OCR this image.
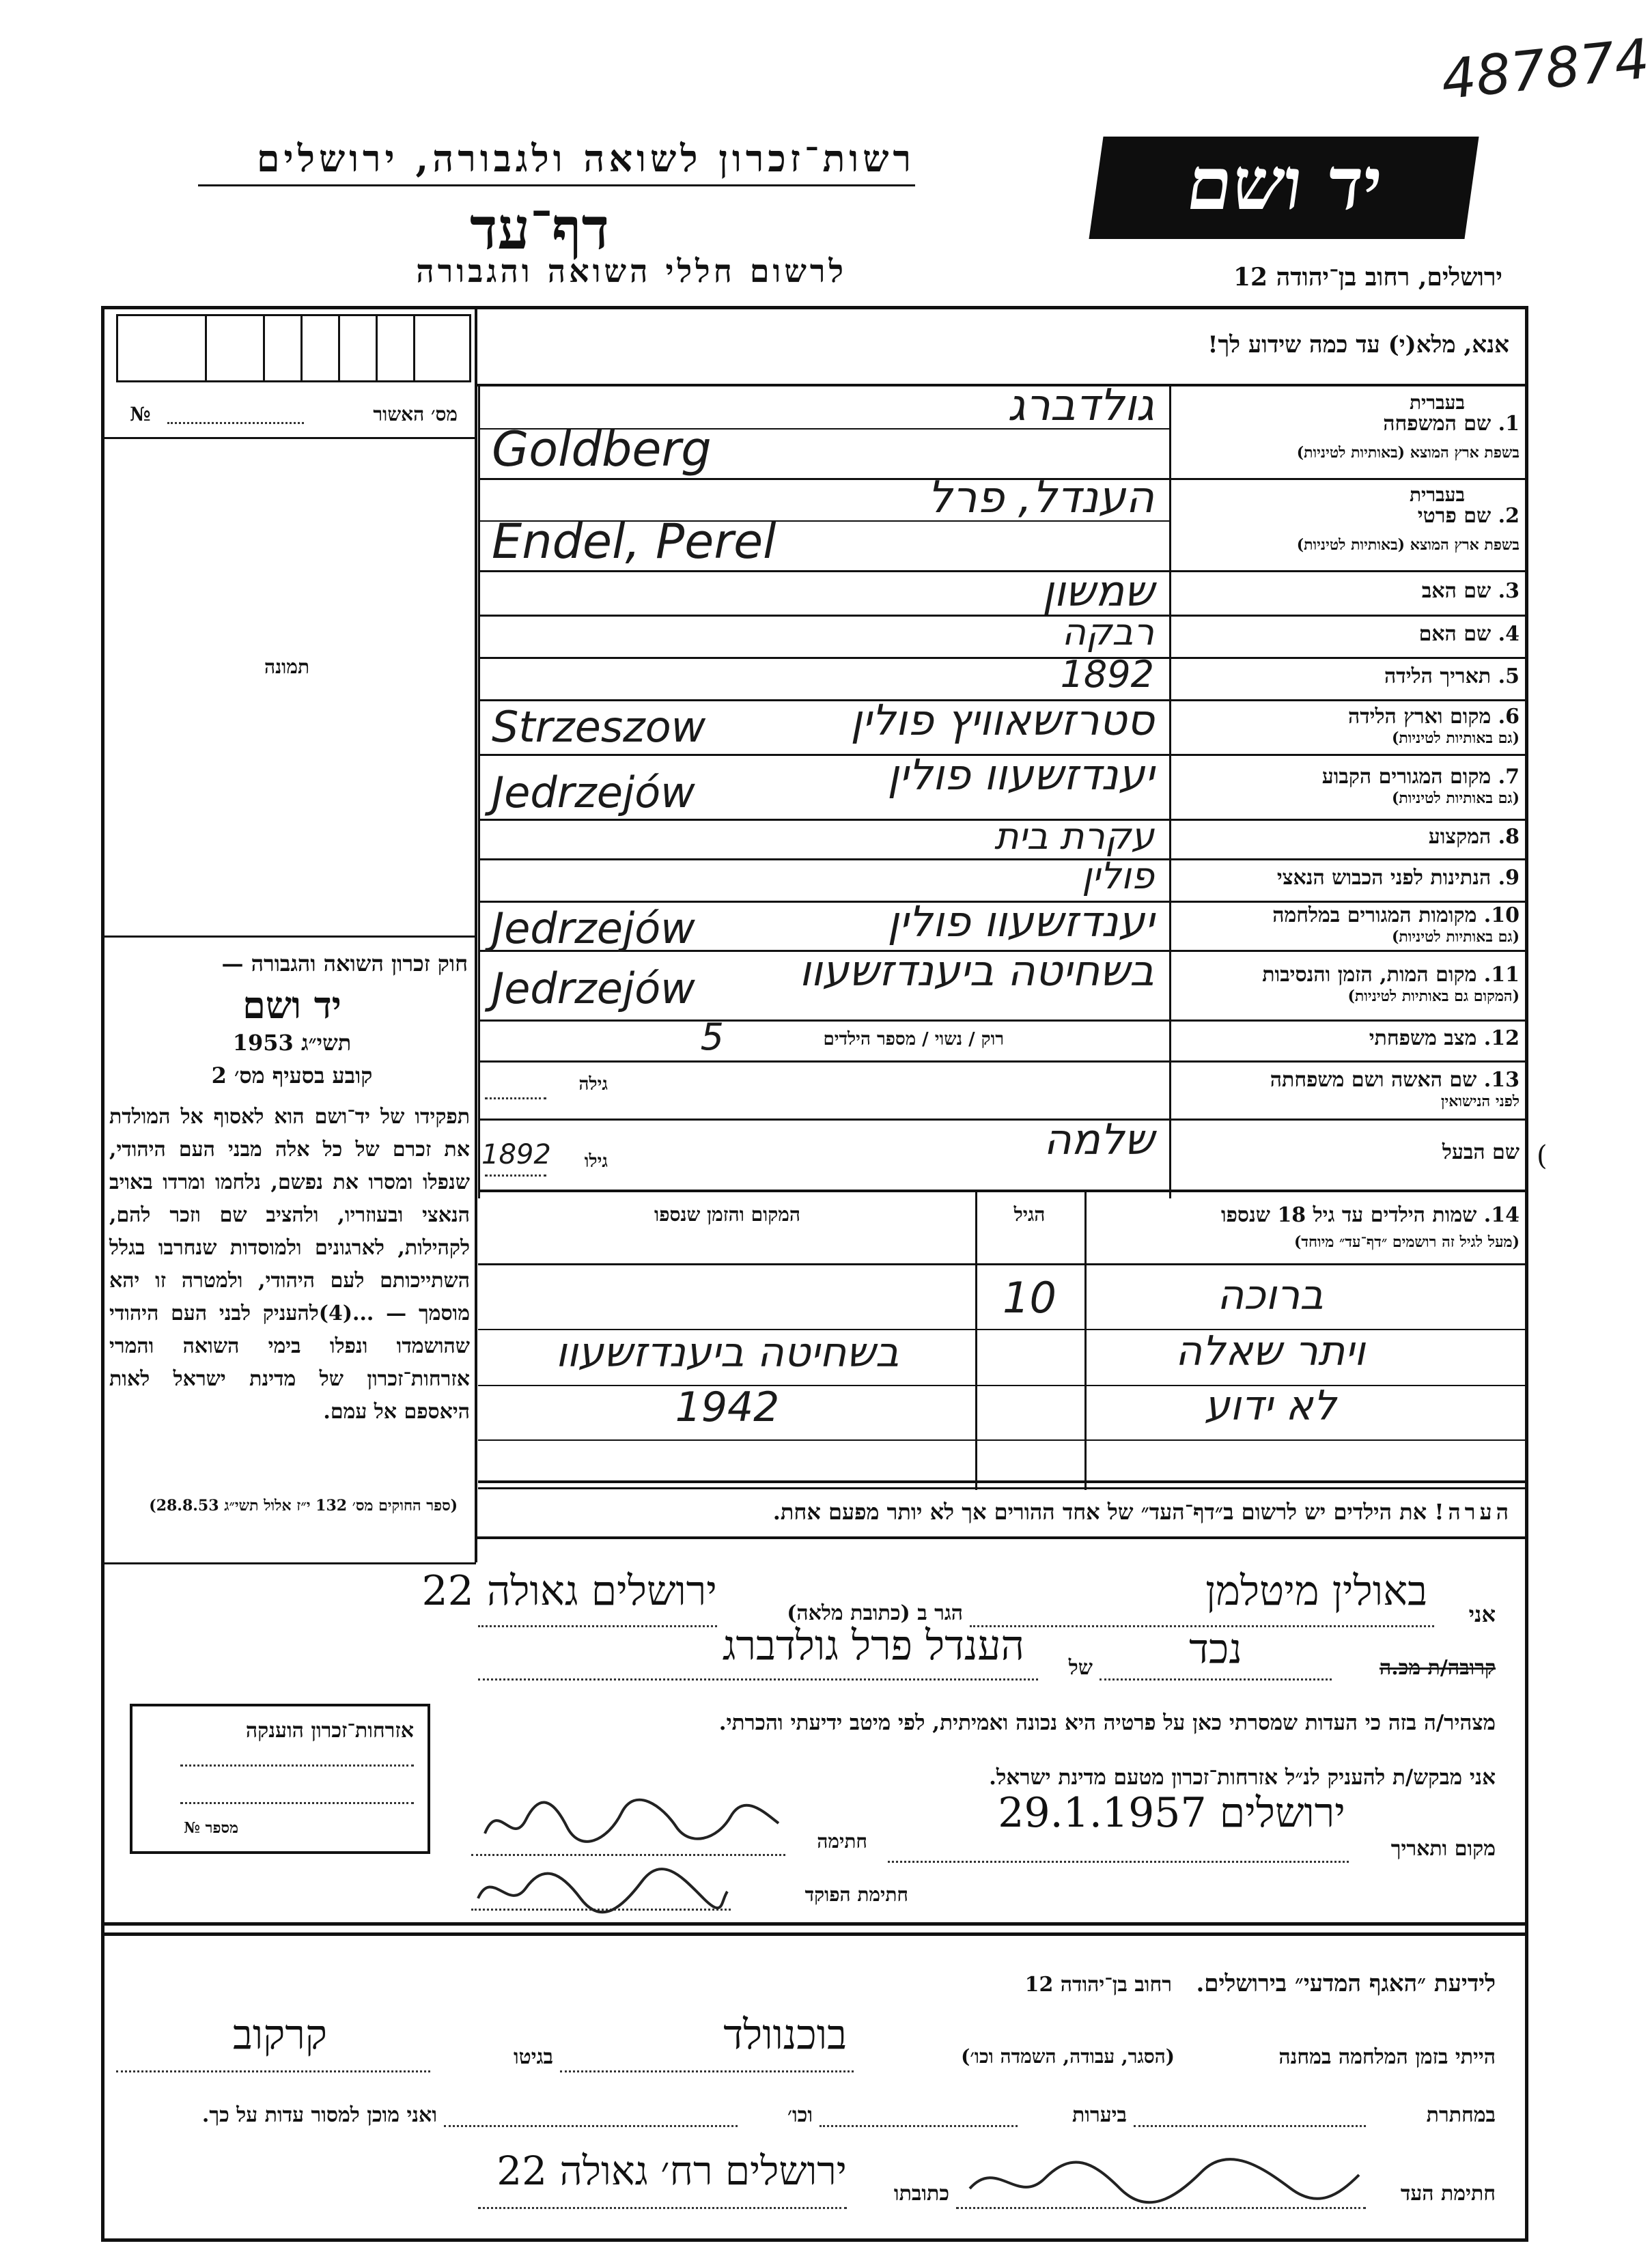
487874
רשות־זכרון לשואה ולגבורה, ירושלים
דף־עד
לרשום חללי השואה והגבורה
יד ושם
ירושלים, רחוב בן־יהודה 12
אנא, מלא(י) עד כמה שידוע לך!
מס׳ האשור
№
תמונה
חוק זכרון השואה והגבורה —
יד ושם
תשי״ג 1953
קובע בסעיף מס׳ 2
תפקידו של יד־ושם הוא לאסוף אל המולדת את זכרם של כל אלה מבני העם היהודי, שנפלו ומסרו את נפשם, נלחמו ומרדו באויב הנאצי ובעוזריו, ולהציב שם וזכר להם, לקהילות, לארגונים ולמוסדות שנחרבו בגלל השתייכותם לעם היהודי, ולמטרה זו יהא מוסמך — ...(4)להעניק לבני העם היהודי שהושמדו ונפלו בימי השואה והמרי אזרחות־זכרון של מדינת ישראל לאות היאספם אל עמם.
(ספר החוקים מס׳ 132 י״ז אלול תשי״ג 28.8.53)
אזרחות־זכרון הוענקה
מספר №
1. שם המשפחה
בעברית
בשפת ארץ המוצא (באותיות לטיניות)
גולדברג
Goldberg
2. שם פרטי
בעברית
בשפת ארץ המוצא (באותיות לטיניות)
הענדל, פרל
Endel, Perel
3. שם האב
שמשון
4. שם האם
רבקה
5. תאריך הלידה
1892
6. מקום וארץ הלידה
(גם באותיות לטיניות)
סטרזשאוויץ פולין
Strzeszow
7. מקום המגורים הקבוע
(גם באותיות לטיניות)
יענדזשעוו פולין
Jedrzejów
8. המקצוע
עקרת בית
9. הנתינות לפני הכבוש הנאצי
פולין
10. מקומות המגורים במלחמה
(גם באותיות לטיניות)
יענדזשעוו פולין
Jedrzejów
11. מקום המות, הזמן והנסיבות
(המקום גם באותיות לטיניות)
בשחיטה ביענדזשעוו
Jedrzejów
12. מצב משפחתי
רוק / נשוי / מספר הילדים
5
13. שם האשה ושם משפחתה
לפני הנישואין
גילה
שם הבעל
שלמה
גילו
1892
14. שמות הילדים עד גיל 18 שנספו
(מעל לגיל זה רושמים ״דף־עד״ מיוחד)
הגיל
המקום והזמן שנספו
ברוכה
10
ויתר שאלה
בשחיטה ביענדזשעוו
לא ידוע
1942
הערה! את הילדים יש לרשום ב״דף־העד״ של אחד ההורים אך לא יותר מפעם אחת.
אני
באולין מיטלמן
הגר ב (כתובת מלאה)
ירושלים גאולה 22
קרובה/ת מכּ.ה
נכד
של
הענדל פרל גולדברג
מצהיר/ה בזה כי העדות שמסרתי כאן על פרטיה היא נכונה ואמיתית, לפי מיטב ידיעתי והכרתי.
אני מבקש/ת להעניק לנ״ל אזרחות־זכרון מטעם מדינת ישראל.
מקום ותאריך
ירושלים 29.1.1957
חתימה
חתימת הפוקד
לידיעת ״האגף המדעי״ בירושלים.   רחוב בן־יהודה 12
הייתי בזמן המלחמה במחנה
(הסגר, עבודה, השמדה וכו׳)
בוכנוולד
בגיטו
קרקוב
במחתרת
ביערות
וכו׳
ואני מוכן למסור עדות על כך.
חתימת העד
כתובתו
ירושלים רח׳ גאולה 22
(
